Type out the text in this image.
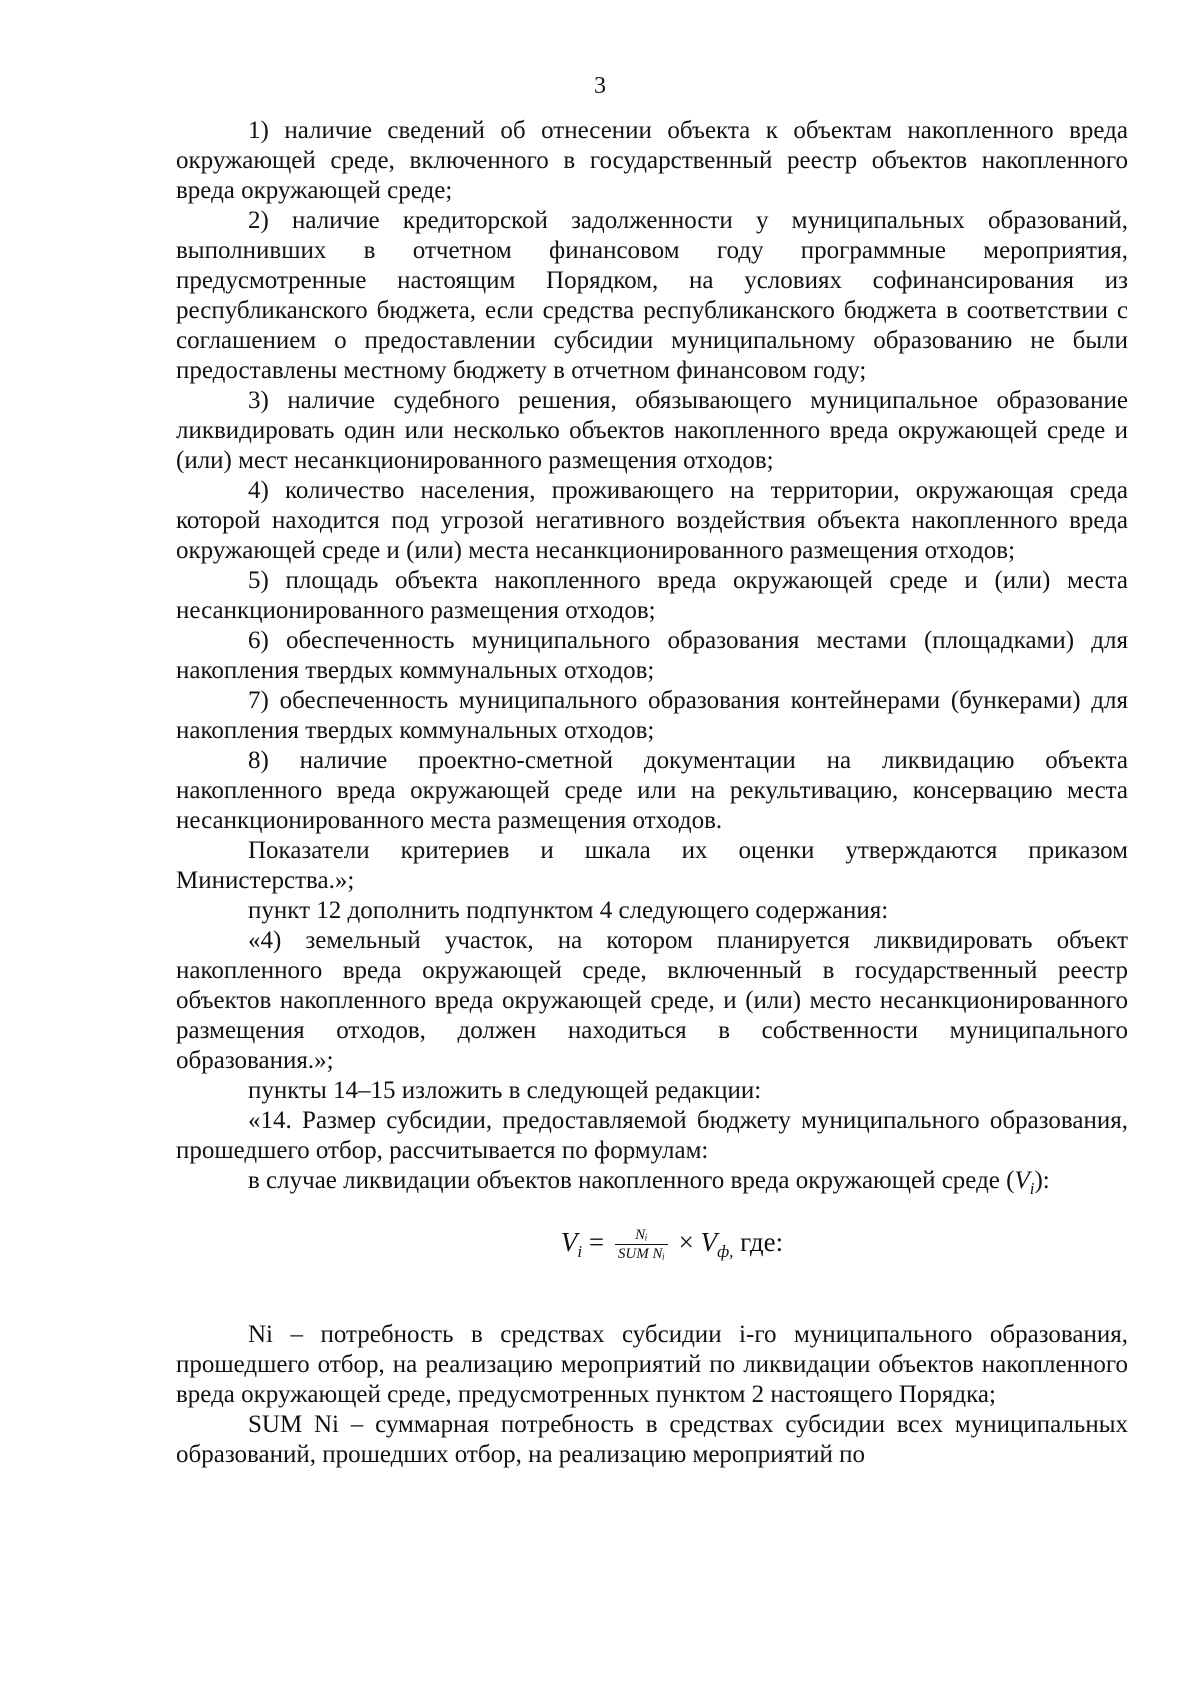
3

1) наличие сведений об отнесении объекта к объектам накопленного вреда окружающей среде, включенного в государственный реестр объектов накопленного вреда окружающей среде;

2) наличие кредиторской задолженности у муниципальных образований, выполнивших в отчетном финансовом году программные мероприятия, предусмотренные настоящим Порядком, на условиях софинансирования из республиканского бюджета, если средства республиканского бюджета в соответствии с соглашением о предоставлении субсидии муниципальному образованию не были предоставлены местному бюджету в отчетном финансовом году;

3) наличие судебного решения, обязывающего муниципальное образование ликвидировать один или несколько объектов накопленного вреда окружающей среде и (или) мест несанкционированного размещения отходов;

4) количество населения, проживающего на территории, окружающая среда которой находится под угрозой негативного воздействия объекта накопленного вреда окружающей среде и (или) места несанкционированного размещения отходов;

5) площадь объекта накопленного вреда окружающей среде и (или) места несанкционированного размещения отходов;

6) обеспеченность муниципального образования местами (площадками) для накопления твердых коммунальных отходов;

7) обеспеченность муниципального образования контейнерами (бункерами) для накопления твердых коммунальных отходов;

8) наличие проектно-сметной документации на ликвидацию объекта накопленного вреда окружающей среде или на рекультивацию, консервацию места несанкционированного места размещения отходов.

Показатели критериев и шкала их оценки утверждаются приказом Министерства.»;

пункт 12 дополнить подпунктом 4 следующего содержания:

«4) земельный участок, на котором планируется ликвидировать объект накопленного вреда окружающей среде, включенный в государственный реестр объектов накопленного вреда окружающей среде, и (или) место несанкционированного размещения отходов, должен находиться в собственности муниципального образования.»;

пункты 14–15 изложить в следующей редакции:

«14. Размер субсидии, предоставляемой бюджету муниципального образования, прошедшего отбор, рассчитывается по формулам:

в случае ликвидации объектов накопленного вреда окружающей среде $(V_i)$:

$V_i = \frac{\text{Nᵢ}}{\text{SUM Nᵢ}} \times V_{ф,}$ где:

Ni – потребность в средствах субсидии i-го муниципального образования, прошедшего отбор, на реализацию мероприятий по ликвидации объектов накопленного вреда окружающей среде, предусмотренных пунктом 2 настоящего Порядка;

SUM Ni – суммарная потребность в средствах субсидии всех муниципальных образований, прошедших отбор, на реализацию мероприятий по
